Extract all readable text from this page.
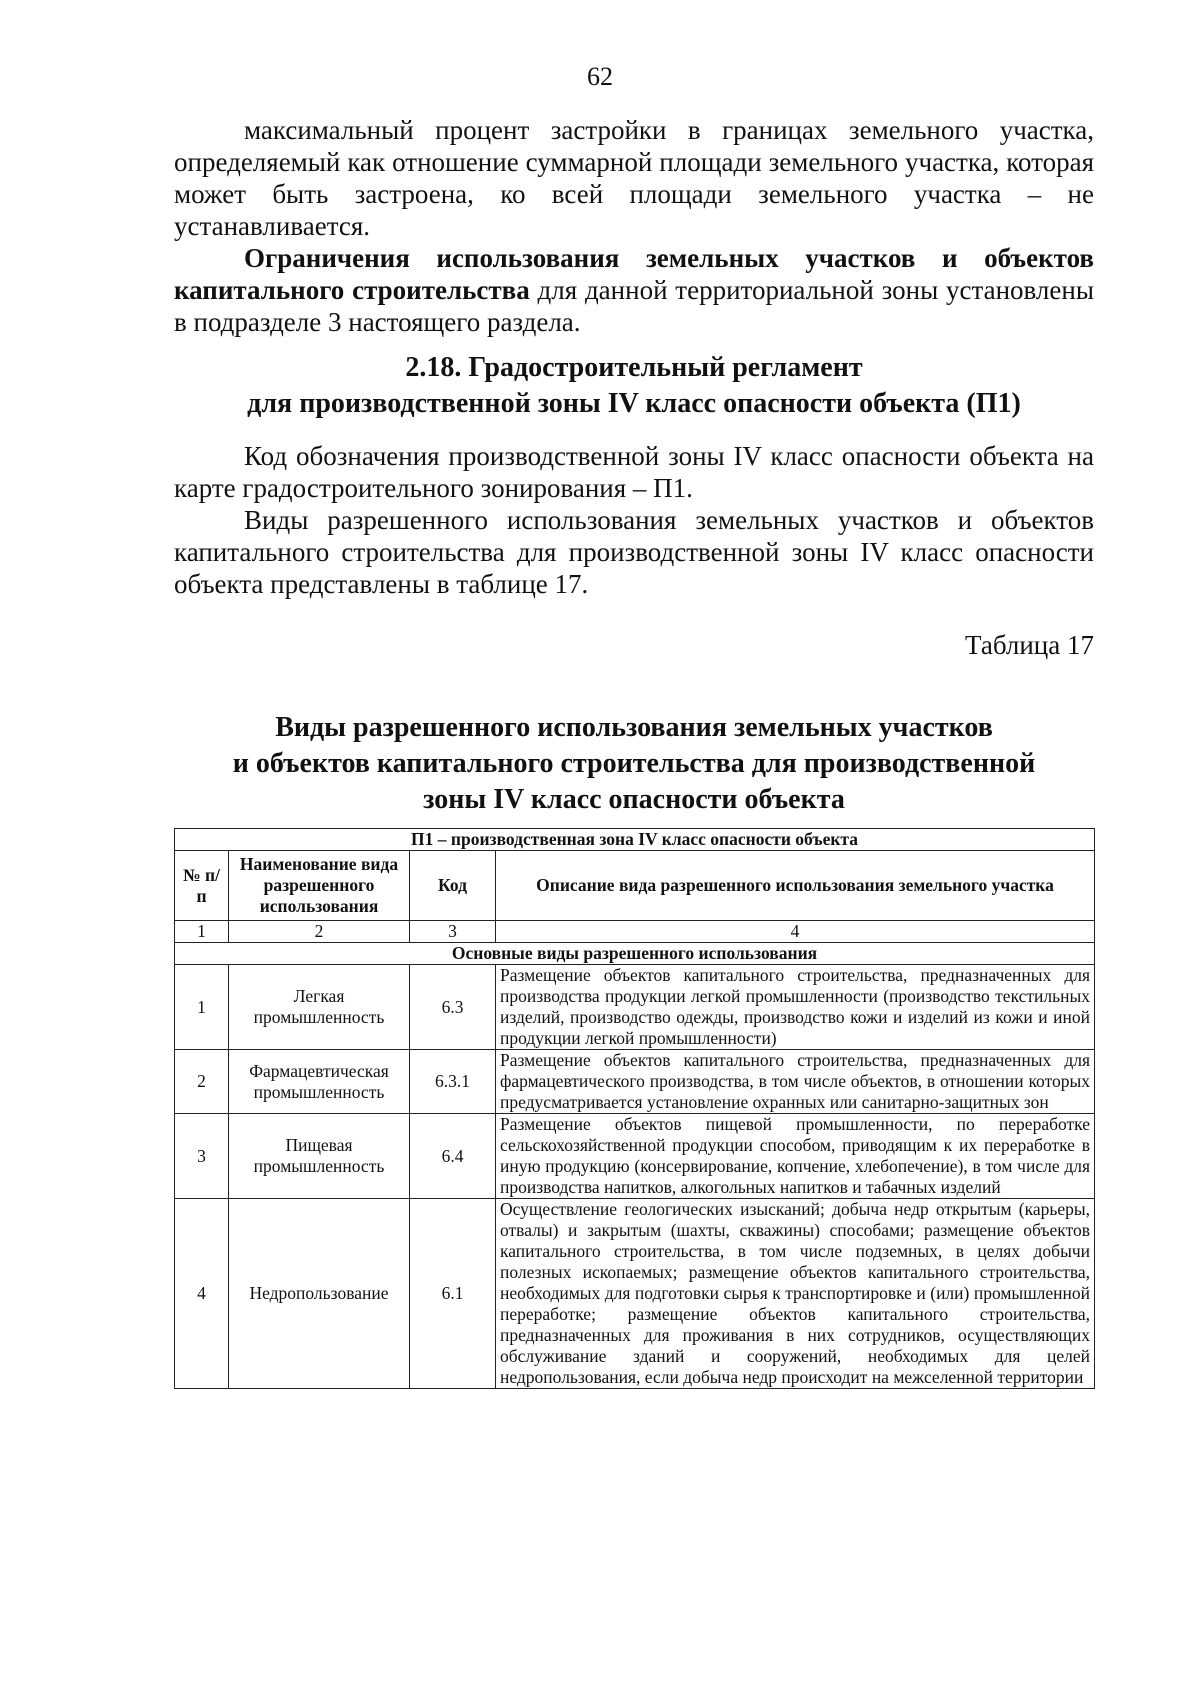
62

максимальный процент застройки в границах земельного участка, определяемый как отношение суммарной площади земельного участка, которая может быть застроена, ко всей площади земельного участка – не устанавливается.

Ограничения использования земельных участков и объектов капитального строительства для данной территориальной зоны установлены в подразделе 3 настоящего раздела.

2.18. Градостроительный регламент
для производственной зоны IV класс опасности объекта (П1)

Код обозначения производственной зоны IV класс опасности объекта на карте градостроительного зонирования – П1.

Виды разрешенного использования земельных участков и объектов капитального строительства для производственной зоны IV класс опасности объекта представлены в таблице 17.

Таблица 17
Виды разрешенного использования земельных участков
и объектов капитального строительства для производственной
зоны IV класс опасности объекта
П1 – производственная зона IV класс опасности объекта			
№ п/п	Наименование вида разрешенного использования	Код	Описание вида разрешенного использования земельного участка
1	2	3	4
Основные виды разрешенного использования			
1	Легкая промышленность	6.3	Размещение объектов капитального строительства, предназначенных для производства продукции легкой промышленности (производство текстильных изделий, производство одежды, производство кожи и изделий из кожи и иной продукции легкой промышленности)
2	Фармацевтическая промышленность	6.3.1	Размещение объектов капитального строительства, предназначенных для фармацевтического производства, в том числе объектов, в отношении которых предусматривается установление охранных или санитарно-защитных зон
3	Пищевая промышленность	6.4	Размещение объектов пищевой промышленности, по переработке сельскохозяйственной продукции способом, приводящим к их переработке в иную продукцию (консервирование, копчение, хлебопечение), в том числе для производства напитков, алкогольных напитков и табачных изделий
4	Недропользование	6.1	Осуществление геологических изысканий; добыча недр открытым (карьеры, отвалы) и закрытым (шахты, скважины) способами; размещение объектов капитального строительства, в том числе подземных, в целях добычи полезных ископаемых; размещение объектов капитального строительства, необходимых для подготовки сырья к транспортировке и (или) промышленной переработке; размещение объектов капитального строительства, предназначенных для проживания в них сотрудников, осуществляющих обслуживание зданий и сооружений, необходимых для целей недропользования, если добыча недр происходит на межселенной территории
